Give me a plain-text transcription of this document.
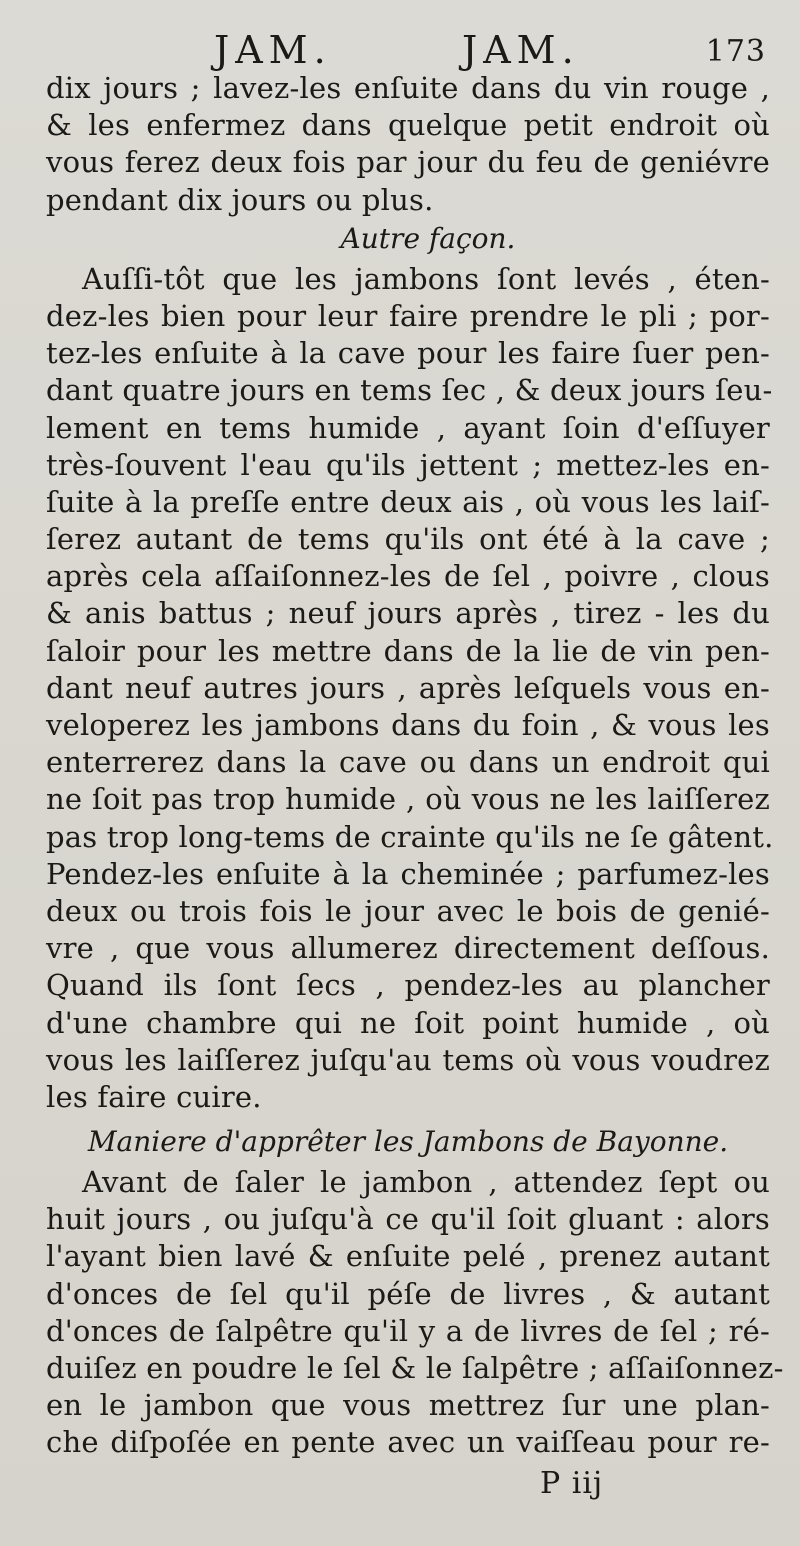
JAM.	JAM.	173
dix jours ; lavez-les enſuite dans du vin rouge ,
& les enfermez dans quelque petit endroit où
vous ferez deux fois par jour du feu de geniévre
pendant dix jours ou plus.
Autre façon.
Auſſi-tôt que les jambons ſont levés , éten-
dez-les bien pour leur faire prendre le pli ; por-
tez-les enſuite à la cave pour les faire ſuer pen-
dant quatre jours en tems ſec , & deux jours ſeu-
lement en tems humide , ayant ſoin d'eſſuyer
très-ſouvent l'eau qu'ils jettent ; mettez-les en-
ſuite à la preſſe entre deux ais , où vous les laiſ-
ſerez autant de tems qu'ils ont été à la cave ;
après cela aſſaiſonnez-les de ſel , poivre , clous
& anis battus ; neuf jours après , tirez - les du
ſaloir pour les mettre dans de la lie de vin pen-
dant neuf autres jours , après leſquels vous en-
veloperez les jambons dans du foin , & vous les
enterrerez dans la cave ou dans un endroit qui
ne ſoit pas trop humide , où vous ne les laiſſerez
pas trop long-tems de crainte qu'ils ne ſe gâtent.
Pendez-les enſuite à la cheminée ; parfumez-les
deux ou trois fois le jour avec le bois de genié-
vre , que vous allumerez directement deſſous.
Quand ils ſont ſecs , pendez-les au plancher
d'une chambre qui ne ſoit point humide , où
vous les laiſſerez juſqu'au tems où vous voudrez
les faire cuire.
Maniere d'apprêter les Jambons de Bayonne.
Avant de ſaler le jambon , attendez ſept ou
huit jours , ou juſqu'à ce qu'il ſoit gluant : alors
l'ayant bien lavé & enſuite pelé , prenez autant
d'onces de ſel qu'il péſe de livres , & autant
d'onces de ſalpêtre qu'il y a de livres de ſel ; ré-
duiſez en poudre le ſel & le ſalpêtre ; aſſaiſonnez-
en le jambon que vous mettrez ſur une plan-
che diſpoſée en pente avec un vaiſſeau pour re-
P iij
